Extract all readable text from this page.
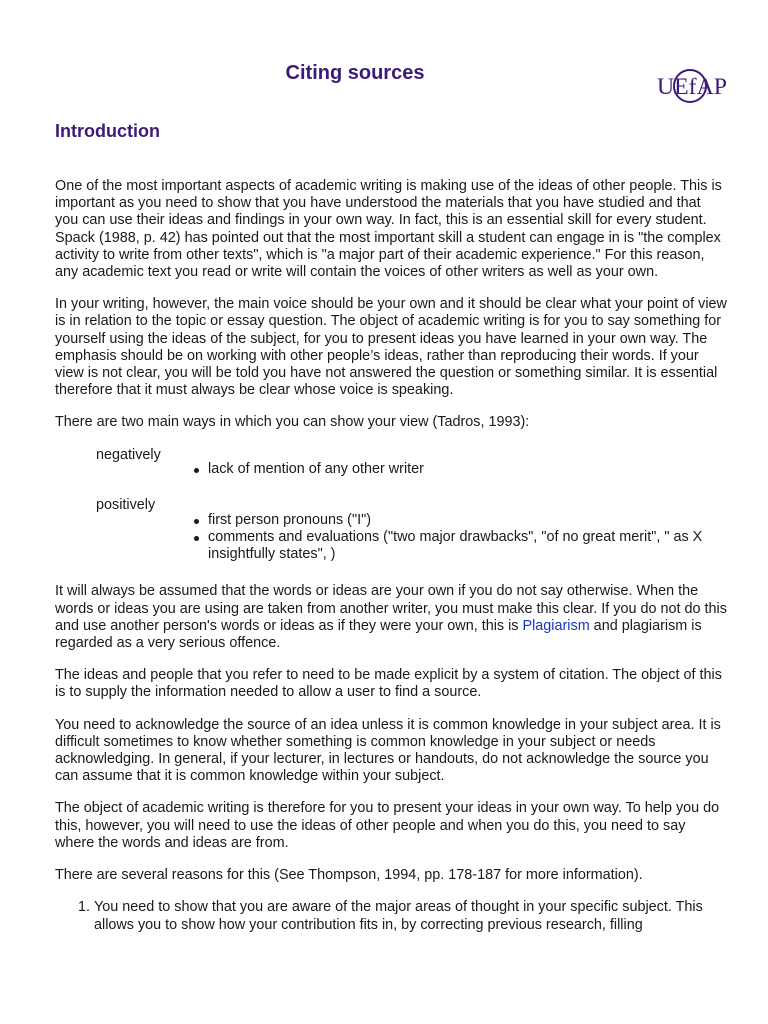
Citing sources
UEfAP
Introduction

One of the most important aspects of academic writing is making use of the ideas of other people. This is important as you need to show that you have understood the materials that you have studied and that you can use their ideas and findings in your own way. In fact, this is an essential skill for every student. Spack (1988, p. 42) has pointed out that the most important skill a student can engage in is "the complex activity to write from other texts", which is "a major part of their academic experience." For this reason, any academic text you read or write will contain the voices of other writers as well as your own.

In your writing, however, the main voice should be your own and it should be clear what your point of view is in relation to the topic or essay question. The object of academic writing is for you to say something for yourself using the ideas of the subject, for you to present ideas you have learned in your own way. The emphasis should be on working with other people’s ideas, rather than reproducing their words. If your view is not clear, you will be told you have not answered the question or something similar. It is essential therefore that it must always be clear whose voice is speaking.

There are two main ways in which you can show your view (Tadros, 1993):

negatively
lack of mention of any other writer
positively
first person pronouns ("I")
comments and evaluations ("two major drawbacks", "of no great merit", " as X insightfully states", )

It will always be assumed that the words or ideas are your own if you do not say otherwise. When the words or ideas you are using are taken from another writer, you must make this clear. If you do not do this and use another person's words or ideas as if they were your own, this is Plagiarism and plagiarism is regarded as a very serious offence.

The ideas and people that you refer to need to be made explicit by a system of citation. The object of this is to supply the information needed to allow a user to find a source.

You need to acknowledge the source of an idea unless it is common knowledge in your subject area. It is difficult sometimes to know whether something is common knowledge in your subject or needs acknowledging. In general, if your lecturer, in lectures or handouts, do not acknowledge the source you can assume that it is common knowledge within your subject.

The object of academic writing is therefore for you to present your ideas in your own way. To help you do this, however, you will need to use the ideas of other people and when you do this, you need to say where the words and ideas are from.

There are several reasons for this (See Thompson, 1994, pp. 178-187 for more information).

1. You need to show that you are aware of the major areas of thought in your specific subject. This allows you to show how your contribution fits in, by correcting previous research, filling
